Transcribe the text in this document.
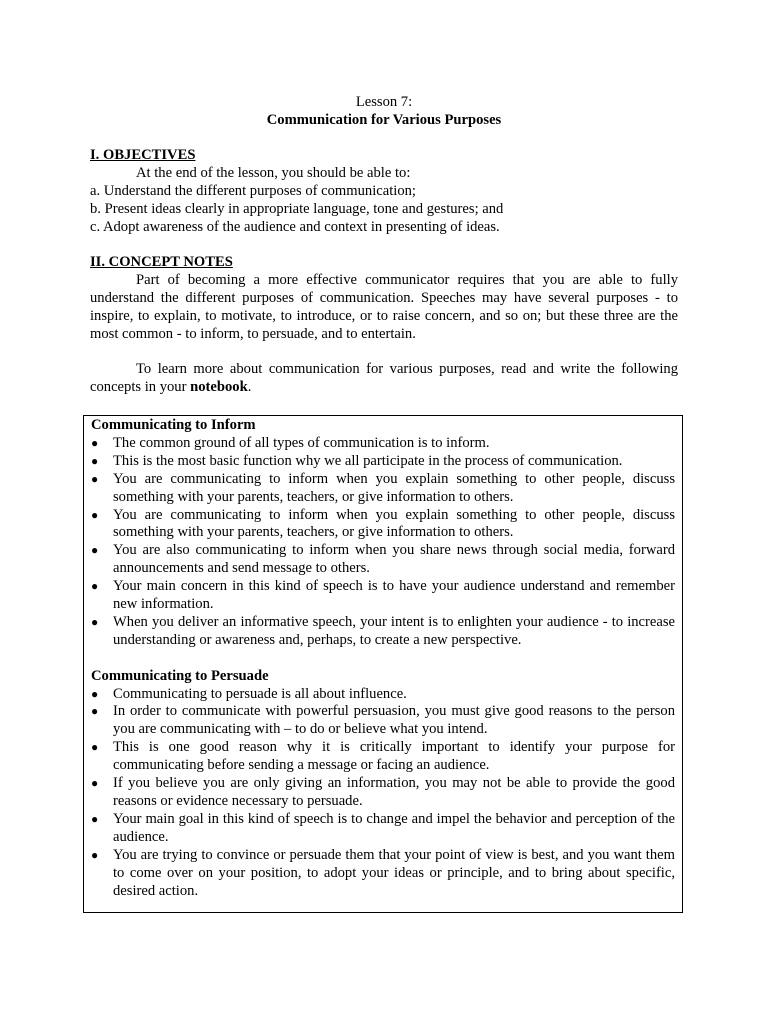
Lesson 7:
Communication for Various Purposes
I. OBJECTIVES
At the end of the lesson, you should be able to:
a. Understand the different purposes of communication;
b. Present ideas clearly in appropriate language, tone and gestures; and
c. Adopt awareness of the audience and context in presenting of ideas.
II. CONCEPT NOTES

Part of becoming a more effective communicator requires that you are able to fully understand the different purposes of communication. Speeches may have several purposes - to inspire, to explain, to motivate, to introduce, or to raise concern, and so on; but these three are the most common - to inform, to persuade, and to entertain.

To learn more about communication for various purposes, read and write the following concepts in your notebook.

Communicating to Inform

●	The common ground of all types of communication is to inform.
●	This is the most basic function why we all participate in the process of communication.
●	You are communicating to inform when you explain something to other people, discuss something with your parents, teachers, or give information to others.
●	You are communicating to inform when you explain something to other people, discuss something with your parents, teachers, or give information to others.
●	You are also communicating to inform when you share news through social media, forward announcements and send message to others.
●	Your main concern in this kind of speech is to have your audience understand and remember new information.
●	When you deliver an informative speech, your intent is to enlighten your audience - to increase understanding or awareness and, perhaps, to create a new perspective.

Communicating to Persuade

●	Communicating to persuade is all about influence.
●	In order to communicate with powerful persuasion, you must give good reasons to the person you are communicating with – to do or believe what you intend.
●	This is one good reason why it is critically important to identify your purpose for communicating before sending a message or facing an audience.
●	If you believe you are only giving an information, you may not be able to provide the good reasons or evidence necessary to persuade.
●	Your main goal in this kind of speech is to change and impel the behavior and perception of the audience.
●	You are trying to convince or persuade them that your point of view is best, and you want them to come over on your position, to adopt your ideas or principle, and to bring about specific, desired action.
